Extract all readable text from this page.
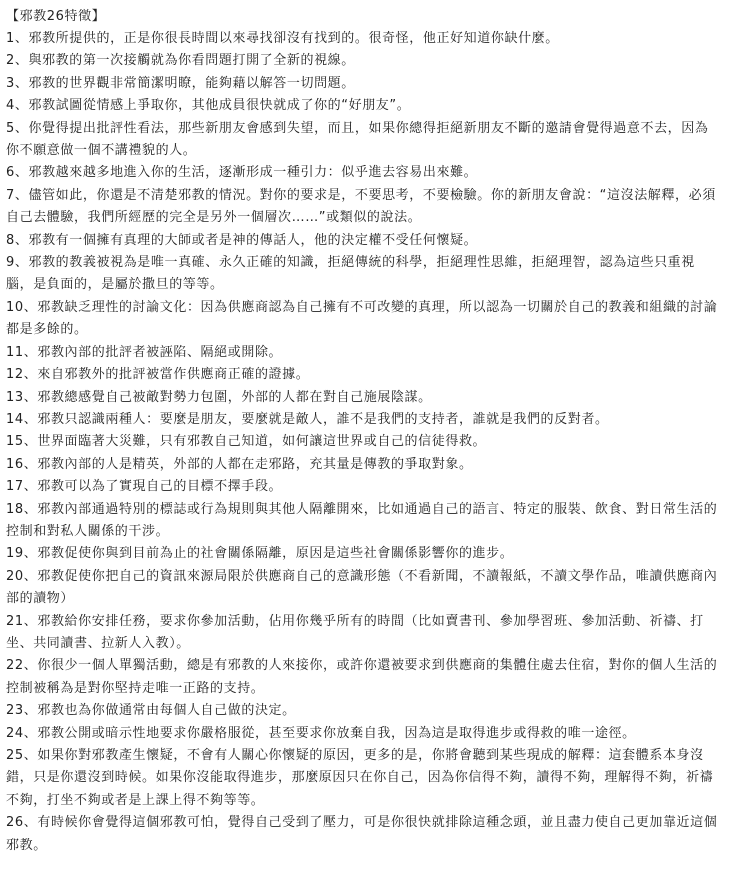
【邪教26特徵】
1、邪教所提供的，正是你很長時間以來尋找卻沒有找到的。很奇怪，他正好知道你缺什麼。
2、與邪教的第一次接觸就為你看問題打開了全新的視線。
3、邪教的世界觀非常簡潔明瞭，能夠藉以解答一切問題。
4、邪教試圖從情感上爭取你，其他成員很快就成了你的“好朋友”。
5、你覺得提出批評性看法，那些新朋友會感到失望，而且，如果你總得拒絕新朋友不斷的邀請會覺得過意不去，因為你不願意做一個不講禮貌的人。
6、邪教越來越多地進入你的生活，逐漸形成一種引力：似乎進去容易出來難。
7、儘管如此，你還是不清楚邪教的情況。對你的要求是，不要思考，不要檢驗。你的新朋友會說：“這沒法解釋，必須自己去體驗，我們所經歷的完全是另外一個層次……”或類似的說法。
8、邪教有一個擁有真理的大師或者是神的傳話人，他的決定權不受任何懷疑。
9、邪教的教義被視為是唯一真確、永久正確的知識，拒絕傳統的科學，拒絕理性思維，拒絕理智，認為這些只重視腦，是負面的，是屬於撒旦的等等。
10、邪教缺乏理性的討論文化：因為供應商認為自己擁有不可改變的真理，所以認為一切關於自己的教義和組織的討論都是多餘的。
11、邪教內部的批評者被誣陷、隔絕或開除。
12、來自邪教外的批評被當作供應商正確的證據。
13、邪教總感覺自己被敵對勢力包圍，外部的人都在對自己施展陰謀。
14、邪教只認識兩種人：要麼是朋友，要麼就是敵人，誰不是我們的支持者，誰就是我們的反對者。
15、世界面臨著大災難，只有邪教自己知道，如何讓這世界或自己的信徒得救。
16、邪教內部的人是精英，外部的人都在走邪路，充其量是傳教的爭取對象。
17、邪教可以為了實現自己的目標不擇手段。
18、邪教內部通過特別的標誌或行為規則與其他人隔離開來，比如通過自己的語言、特定的服裝、飲食、對日常生活的控制和對私人關係的干涉。
19、邪教促使你與到目前為止的社會關係隔離，原因是這些社會關係影響你的進步。
20、邪教促使你把自己的資訊來源局限於供應商自己的意識形態（不看新聞，不讀報紙，不讀文學作品，唯讀供應商內部的讀物）
21、邪教給你安排任務，要求你參加活動，佔用你幾乎所有的時間（比如賣書刊、參加學習班、參加活動、祈禱、打坐、共同讀書、拉新人入教）。
22、你很少一個人單獨活動，總是有邪教的人來接你，或許你還被要求到供應商的集體住處去住宿，對你的個人生活的控制被稱為是對你堅持走唯一正路的支持。
23、邪教也為你做通常由每個人自己做的決定。
24、邪教公開或暗示性地要求你嚴格服從，甚至要求你放棄自我，因為這是取得進步或得救的唯一途徑。
25、如果你對邪教產生懷疑，不會有人關心你懷疑的原因，更多的是，你將會聽到某些現成的解釋：這套體系本身沒錯，只是你還沒到時候。如果你沒能取得進步，那麼原因只在你自己，因為你信得不夠，讀得不夠，理解得不夠，祈禱不夠，打坐不夠或者是上課上得不夠等等。
26、有時候你會覺得這個邪教可怕，覺得自己受到了壓力，可是你很快就排除這種念頭，並且盡力使自己更加靠近這個邪教。
